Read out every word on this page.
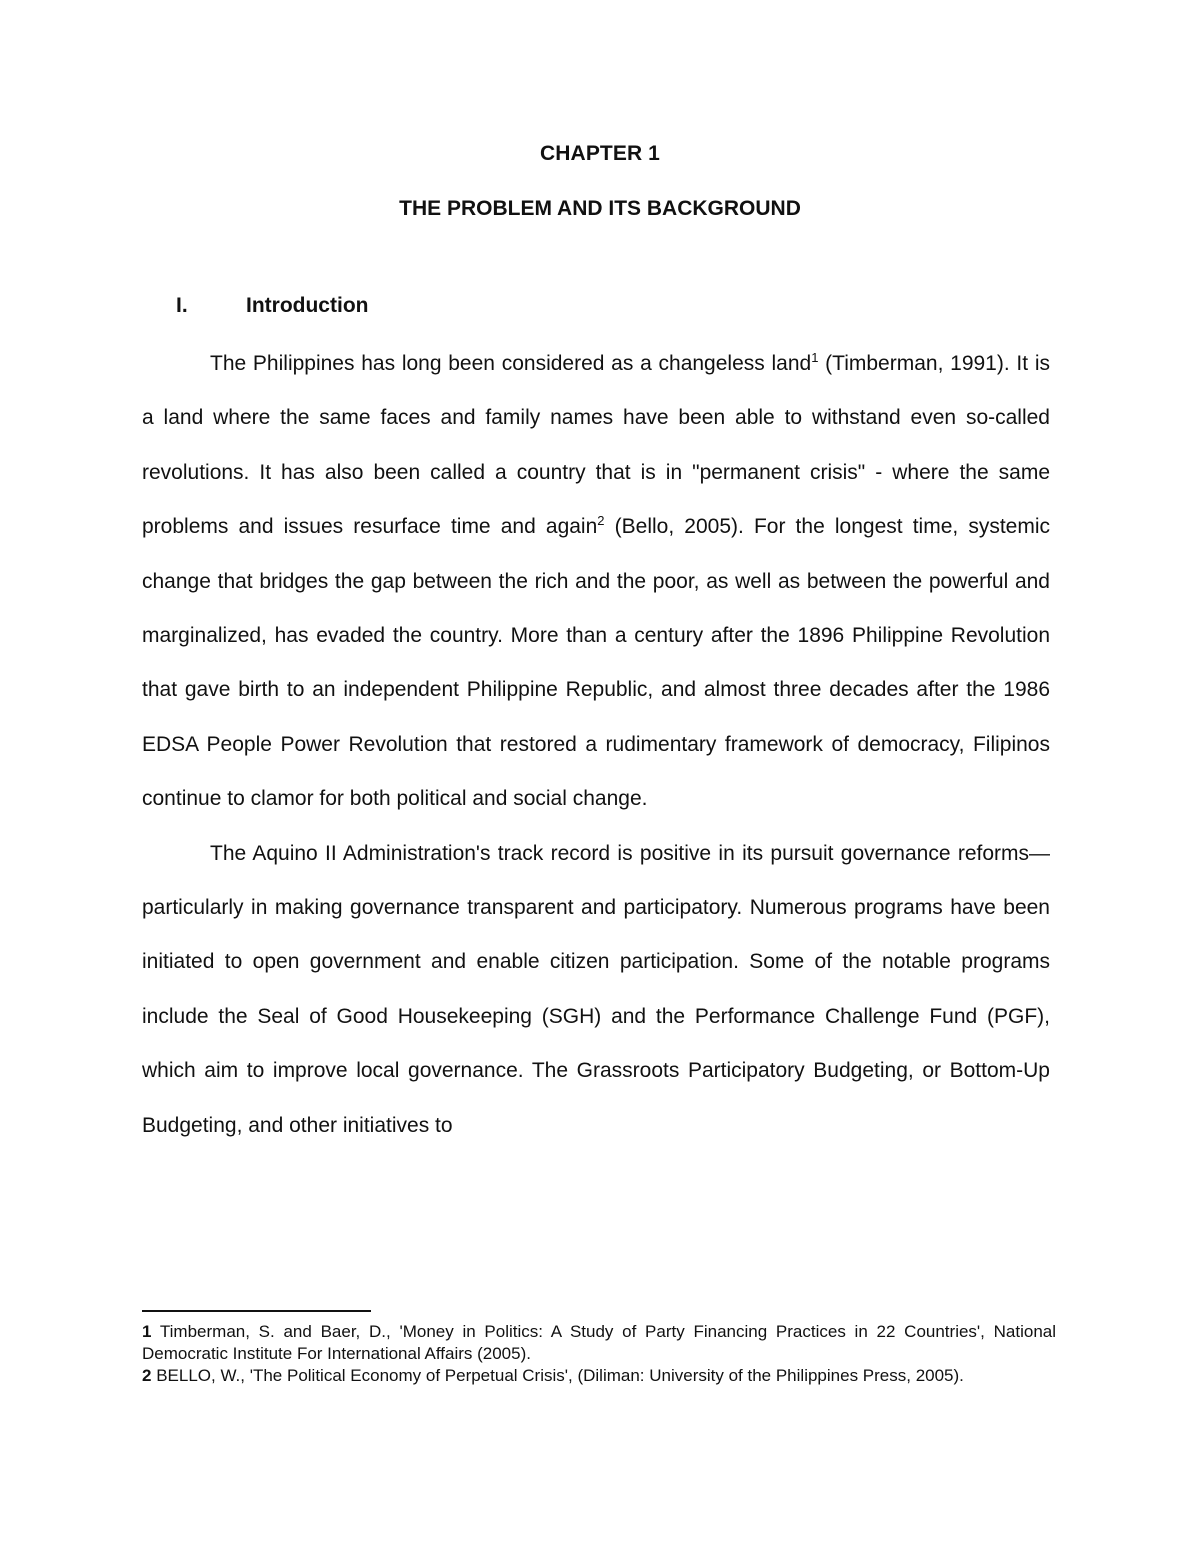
CHAPTER 1
THE PROBLEM AND ITS BACKGROUND
I.	Introduction

The Philippines has long been considered as a changeless land$^1$ (Timberman, 1991). It is a land where the same faces and family names have been able to withstand even so-called revolutions. It has also been called a country that is in "permanent crisis" - where the same problems and issues resurface time and again$^2$ (Bello, 2005). For the longest time, systemic change that bridges the gap between the rich and the poor, as well as between the powerful and marginalized, has evaded the country. More than a century after the 1896 Philippine Revolution that gave birth to an independent Philippine Republic, and almost three decades after the 1986 EDSA People Power Revolution that restored a rudimentary framework of democracy, Filipinos continue to clamor for both political and social change.

The Aquino II Administration's track record is positive in its pursuit governance reforms— particularly in making governance transparent and participatory. Numerous programs have been initiated to open government and enable citizen participation. Some of the notable programs include the Seal of Good Housekeeping (SGH) and the Performance Challenge Fund (PGF), which aim to improve local governance. The Grassroots Participatory Budgeting, or Bottom-Up Budgeting, and other initiatives to

1 Timberman, S. and Baer, D., 'Money in Politics: A Study of Party Financing Practices in 22 Countries', National Democratic Institute For International Affairs (2005).

2 BELLO, W., 'The Political Economy of Perpetual Crisis', (Diliman: University of the Philippines Press, 2005).
